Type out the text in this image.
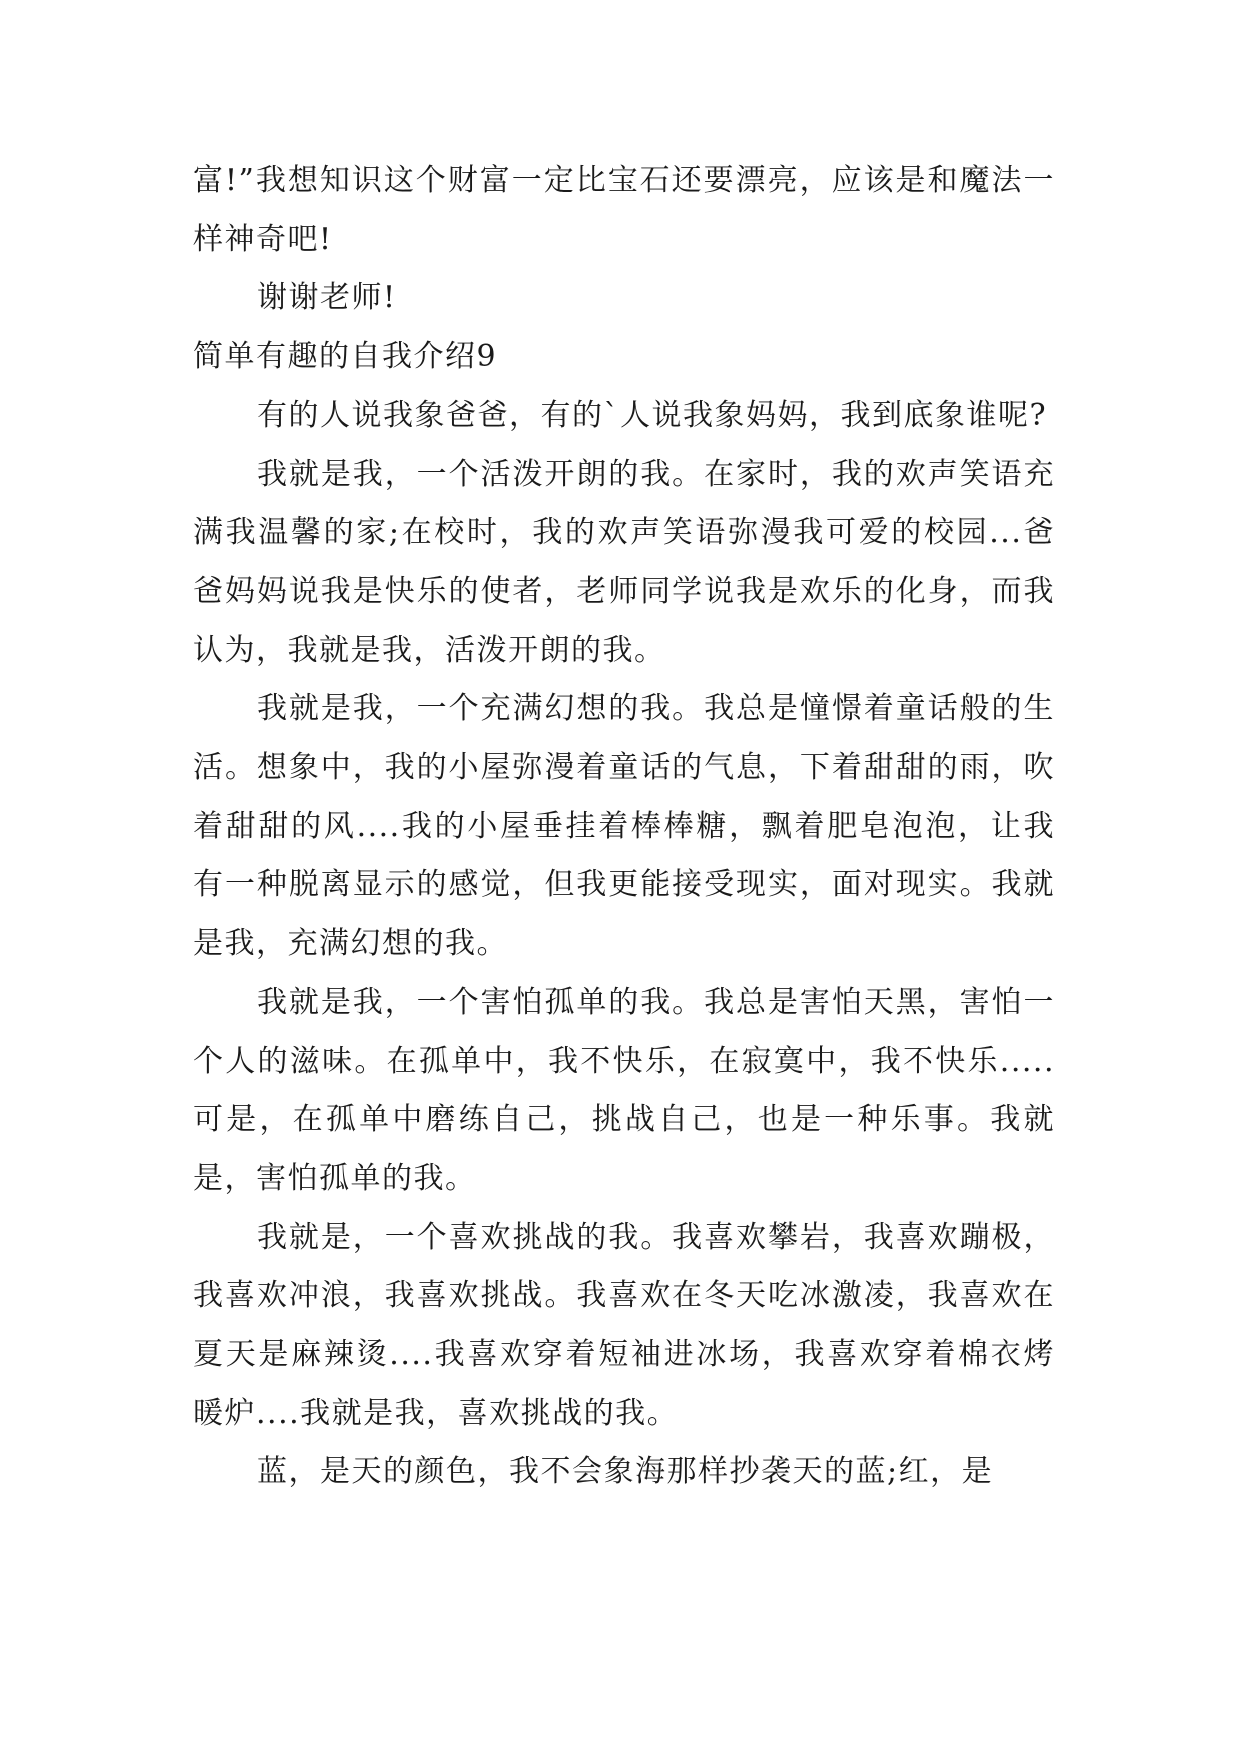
富!”我想知识这个财富一定比宝石还要漂亮，应该是和魔法一样神奇吧!

谢谢老师!

简单有趣的自我介绍9

有的人说我象爸爸，有的`人说我象妈妈，我到底象谁呢?

我就是我，一个活泼开朗的我。在家时，我的欢声笑语充满我温馨的家;在校时，我的欢声笑语弥漫我可爱的校园...爸爸妈妈说我是快乐的使者，老师同学说我是欢乐的化身，而我认为，我就是我，活泼开朗的我。

我就是我，一个充满幻想的我。我总是憧憬着童话般的生活。想象中，我的小屋弥漫着童话的气息，下着甜甜的雨，吹着甜甜的风....我的小屋垂挂着棒棒糖，飘着肥皂泡泡，让我有一种脱离显示的感觉，但我更能接受现实，面对现实。我就是我，充满幻想的我。

我就是我，一个害怕孤单的我。我总是害怕天黑，害怕一个人的滋味。在孤单中，我不快乐，在寂寞中，我不快乐.....可是，在孤单中磨练自己，挑战自己，也是一种乐事。我就是，害怕孤单的我。

我就是，一个喜欢挑战的我。我喜欢攀岩，我喜欢蹦极，我喜欢冲浪，我喜欢挑战。我喜欢在冬天吃冰激凌，我喜欢在夏天是麻辣烫....我喜欢穿着短袖进冰场，我喜欢穿着棉衣烤暖炉....我就是我，喜欢挑战的我。

蓝，是天的颜色，我不会象海那样抄袭天的蓝;红，是
